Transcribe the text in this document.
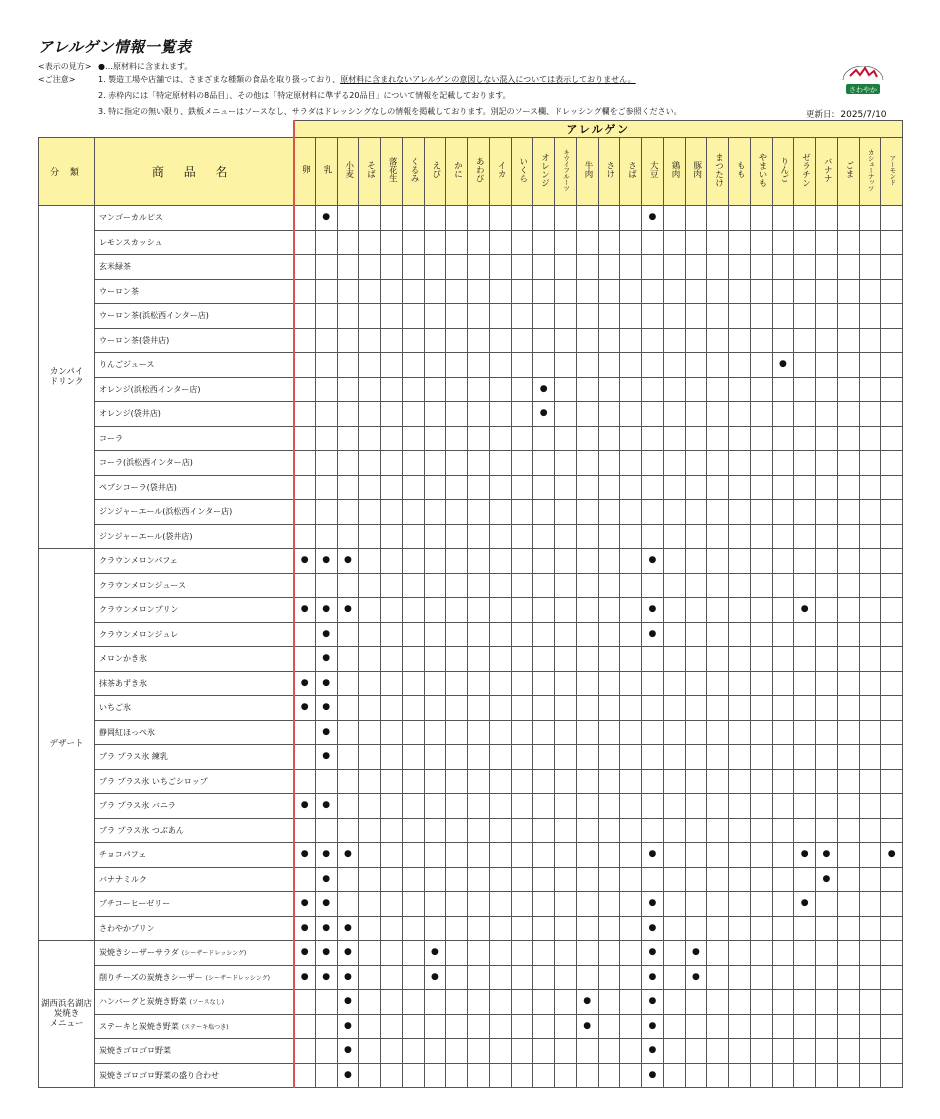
アレルゲン情報一覧表
<表示の見方> ●…原材料に含まれます。
<ご注意>	1. 製造工場や店舗では、さまざまな種類の食品を取り扱っており、原材料に含まれないアレルゲンの意図しない混入については表示しておりません。
2. 赤枠内には「特定原材料の8品目」、その他は「特定原材料に準ずる20品目」について情報を記載しております。
3. 特に指定の無い限り、鉄板メニューはソースなし、サラダはドレッシングなしの情報を掲載しております。別記のソース欄、ドレッシング欄をご参照ください。
さわやか
更新日: 2025/7/10
		アレルゲン																											
分 類	商 品 名	卵	乳	小麦	そば	落花生	くるみ	えび	かに	あわび	イカ	いくら	オレンジ	キウイフルーツ	牛肉	さけ	さば	大豆	鶏肉	豚肉	まつたけ	もも	やまいも	りんご	ゼラチン	バナナ	ごま	カシューナッツ	アーモンド
カンパイ
ドリンク	マンゴーカルピス		●															●											
	レモンスカッシュ																												
	玄米緑茶																												
	ウーロン茶																												
	ウーロン茶(浜松西インター店)																												
	ウーロン茶(袋井店)																												
	りんごジュース																							●					
	オレンジ(浜松西インター店)												●																
	オレンジ(袋井店)												●																
	コーラ																												
	コーラ(浜松西インター店)																												
	ペプシコーラ(袋井店)																												
	ジンジャーエール(浜松西インター店)																												
	ジンジャーエール(袋井店)																												
デザート	クラウンメロンパフェ	●	●	●														●											
	クラウンメロンジュース																												
	クラウンメロンプリン	●	●	●														●							●				
	クラウンメロンジュレ		●															●											
	メロンかき氷		●																										
	抹茶あずき氷	●	●																										
	いちご氷	●	●																										
	静岡紅ほっぺ氷		●																										
	プラ プラス氷 練乳		●																										
	プラ プラス氷 いちごシロップ																												
	プラ プラス氷 バニラ	●	●																										
	プラ プラス氷 つぶあん																												
	チョコパフェ	●	●	●														●							●	●			●
	バナナミルク		●																							●			
	プチコーヒーゼリー	●	●															●							●				
	さわやかプリン	●	●	●														●											
湖西浜名湖店
炭焼き
メニュー	炭焼きシーザーサラダ (シーザードレッシング)	●	●	●				●										●		●									
	削りチーズの炭焼きシーザー (シーザードレッシング)	●	●	●				●										●		●									
	ハンバーグと炭焼き野菜 (ソースなし)			●											●			●											
	ステーキと炭焼き野菜 (ステーキ塩つき)			●											●			●											
	炭焼きゴロゴロ野菜			●														●											
	炭焼きゴロゴロ野菜の盛り合わせ			●														●											
